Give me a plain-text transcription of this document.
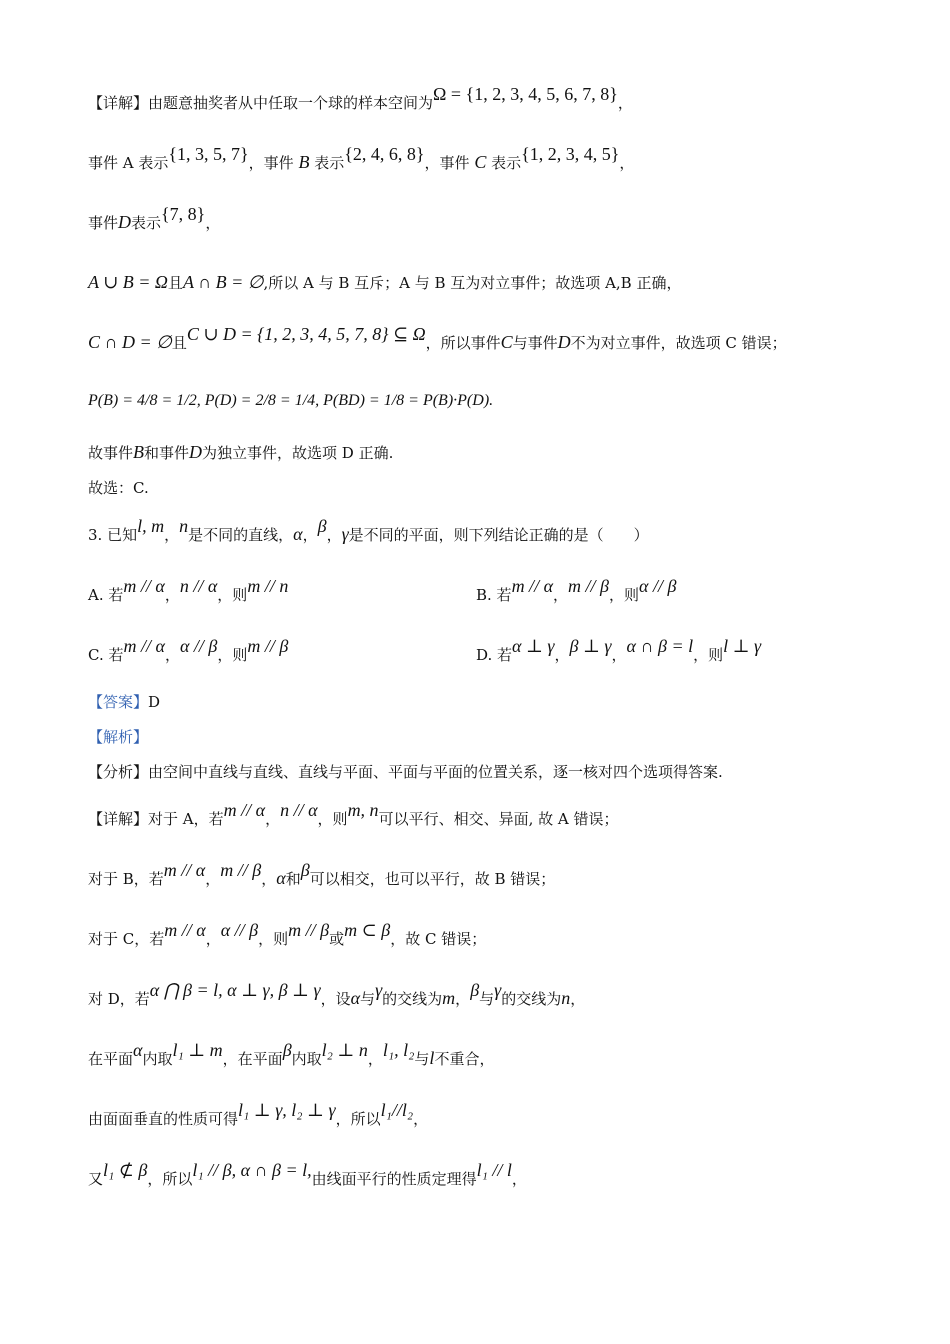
【详解】由题意抽奖者从中任取一个球的样本空间为Ω = {1, 2, 3, 4, 5, 6, 7, 8}，
事件 A 表示{1, 3, 5, 7}，事件 B 表示{2, 4, 6, 8}，事件 C 表示{1, 2, 3, 4, 5}，
事件D表示{7, 8}，
A ∪ B = Ω且A ∩ B = ∅,所以 A 与 B 互斥；A 与 B 互为对立事件；故选项 A,B 正确，
C ∩ D = ∅且C ∪ D = {1, 2, 3, 4, 5, 7, 8} ⊆ Ω，所以事件C与事件D不为对立事件，故选项 C 错误；
P(B) = 4/8 = 1/2, P(D) = 2/8 = 1/4, P(BD) = 1/8 = P(B)·P(D).
故事件B和事件D为独立事件，故选项 D 正确.
故选：C.
3. 已知l, m，n是不同的直线，α，β，γ是不同的平面，则下列结论正确的是（　　）
A. 若m // α，n // α，则m // n	B. 若m // α，m // β，则α // β
C. 若m // α，α // β，则m // β	D. 若α ⊥ γ，β ⊥ γ，α ∩ β = l，则l ⊥ γ
【答案】D
【解析】
【分析】由空间中直线与直线、直线与平面、平面与平面的位置关系，逐一核对四个选项得答案.
【详解】对于 A，若m // α，n // α，则m, n可以平行、相交、异面, 故 A 错误；
对于 B，若m // α，m // β，α和β可以相交，也可以平行，故 B 错误；
对于 C，若m // α，α // β，则m // β或m ⊂ β，故 C 错误；
对 D，若α ⋂ β = l, α ⊥ γ, β ⊥ γ，设α与γ的交线为m，β与γ的交线为n，
在平面α内取l₁ ⊥ m，在平面β内取l₂ ⊥ n，l₁, l₂与l不重合，
由面面垂直的性质可得l₁ ⊥ γ, l₂ ⊥ γ，所以l₁//l₂，
又l₁ ⊄ β，所以l₁ // β, α ∩ β = l,由线面平行的性质定理得l₁ // l，
